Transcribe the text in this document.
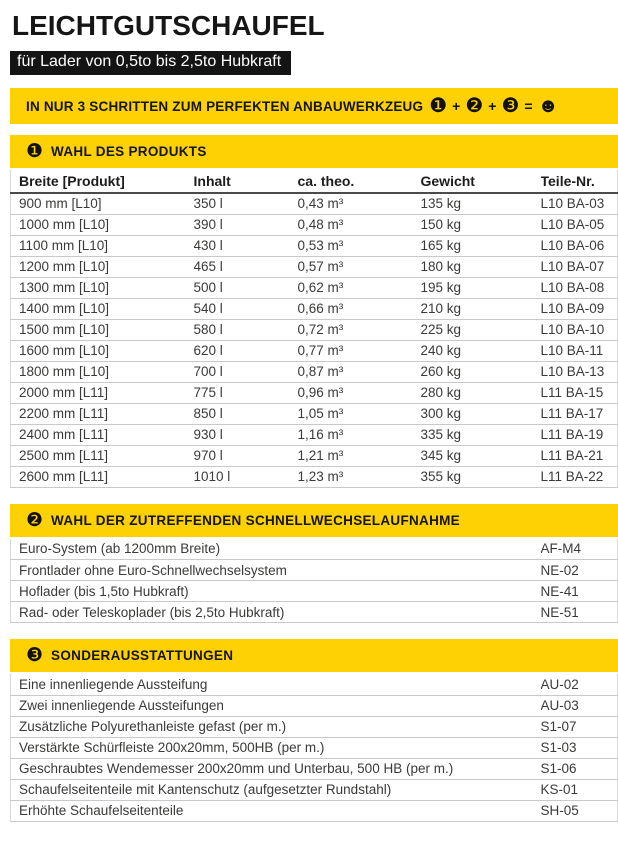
LEICHTGUTSCHAUFEL
für Lader von 0,5to bis 2,5to Hubkraft
IN NUR 3 SCHRITTEN ZUM PERFEKTEN ANBAUWERKZEUG ❶ + ❷ + ❸ = ☻
❶ WAHL DES PRODUKTS
Breite [Produkt]	Inhalt	ca. theo.	Gewicht	Teile-Nr.
900 mm [L10]	350 l	0,43 m³	135 kg	L10 BA-03
1000 mm [L10]	390 l	0,48 m³	150 kg	L10 BA-05
1100 mm [L10]	430 l	0,53 m³	165 kg	L10 BA-06
1200 mm [L10]	465 l	0,57 m³	180 kg	L10 BA-07
1300 mm [L10]	500 l	0,62 m³	195 kg	L10 BA-08
1400 mm [L10]	540 l	0,66 m³	210 kg	L10 BA-09
1500 mm [L10]	580 l	0,72 m³	225 kg	L10 BA-10
1600 mm [L10]	620 l	0,77 m³	240 kg	L10 BA-11
1800 mm [L10]	700 l	0,87 m³	260 kg	L10 BA-13
2000 mm [L11]	775 l	0,96 m³	280 kg	L11 BA-15
2200 mm [L11]	850 l	1,05 m³	300 kg	L11 BA-17
2400 mm [L11]	930 l	1,16 m³	335 kg	L11 BA-19
2500 mm [L11]	970 l	1,21 m³	345 kg	L11 BA-21
2600 mm [L11]	1010 l	1,23 m³	355 kg	L11 BA-22
❷ WAHL DER ZUTREFFENDEN SCHNELLWECHSELAUFNAHME
Euro-System (ab 1200mm Breite)	AF-M4
Frontlader ohne Euro-Schnellwechselsystem	NE-02
Hoflader (bis 1,5to Hubkraft)	NE-41
Rad- oder Teleskoplader (bis 2,5to Hubkraft)	NE-51
❸ SONDERAUSSTATTUNGEN
Eine innenliegende Aussteifung	AU-02
Zwei innenliegende Aussteifungen	AU-03
Zusätzliche Polyurethanleiste gefast (per m.)	S1-07
Verstärkte Schürfleiste 200x20mm, 500HB (per m.)	S1-03
Geschraubtes Wendemesser 200x20mm und Unterbau, 500 HB (per m.)	S1-06
Schaufelseitenteile mit Kantenschutz (aufgesetzter Rundstahl)	KS-01
Erhöhte Schaufelseitenteile	SH-05
